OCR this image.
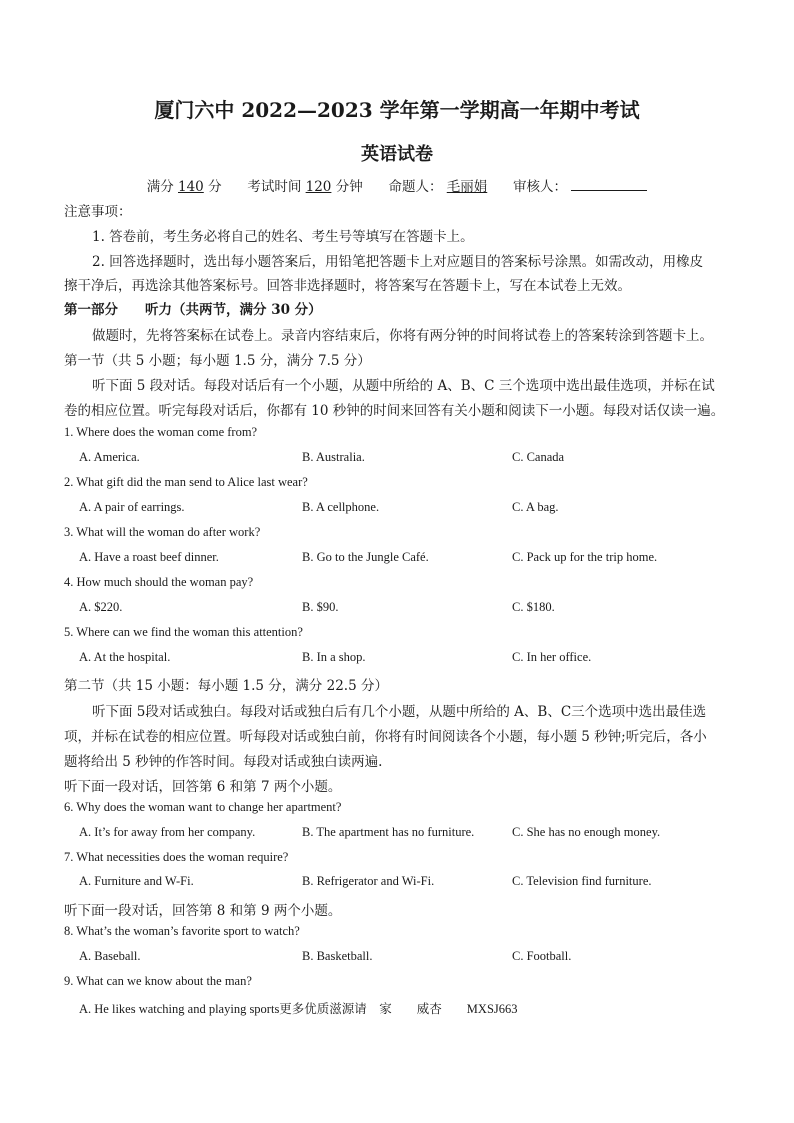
厦门六中 2022—2023 学年第一学期高一年期中考试
英语试卷
满分 140 分 考试时间 120 分钟 命题人： 毛丽娟 审核人：
注意事项：
1. 答卷前，考生务必将自己的姓名、考生号等填写在答题卡上。
2. 回答选择题时，选出每小题答案后，用铅笔把答题卡上对应题目的答案标号涂黑。如需改动，用橡皮
擦干净后，再选涂其他答案标号。回答非选择题时，将答案写在答题卡上，写在本试卷上无效。
第一部分　　听力（共两节，满分 30 分）
做题时，先将答案标在试卷上。录音内容结束后，你将有两分钟的时间将试卷上的答案转涂到答题卡上。
第一节（共 5 小题；每小题 1.5 分，满分 7.5 分）
听下面 5 段对话。每段对话后有一个小题，从题中所给的 A、B、C 三个选项中选出最佳选项，并标在试
卷的相应位置。听完每段对话后，你都有 10 秒钟的时间来回答有关小题和阅读下一小题。每段对话仅读一遍。
1. Where does the woman come from?
A. America.	B. Australia.	C. Canada
2. What gift did the man send to Alice last wear?
A. A pair of earrings.	B. A cellphone.	C. A bag.
3. What will the woman do after work?
A. Have a roast beef dinner.	B. Go to the Jungle Café.	C. Pack up for the trip home.
4. How much should the woman pay?
A. $220.	B. $90.	C. $180.
5. Where can we find the woman this attention?
A. At the hospital.	B. In a shop.	C. In her office.
第二节（共 15 小题：每小题 1.5 分，满分 22.5 分）
听下面 5段对话或独白。每段对话或独白后有几个小题，从题中所给的 A、B、C三个选项中选出最佳选
项，并标在试卷的相应位置。听每段对话或独白前，你将有时间阅读各个小题，每小题 5 秒钟;听完后，各小
题将给出 5 秒钟的作答时间。每段对话或独白读两遍.
听下面一段对话，回答第 6 和第 7 两个小题。
6. Why does the woman want to change her apartment?
A. It’s for away from her company.	B. The apartment has no furniture.	C. She has no enough money.
7. What necessities does the woman require?
A. Furniture and W-Fi.	B. Refrigerator and Wi-Fi.	C. Television find furniture.
听下面一段对话，回答第 8 和第 9 两个小题。
8. What’s the woman’s favorite sport to watch?
A. Baseball.	B. Basketball.	C. Football.
9. What can we know about the man?
A. He likes watching and playing sports更多优质滋源请　家　　威杏　　MXSJ663
